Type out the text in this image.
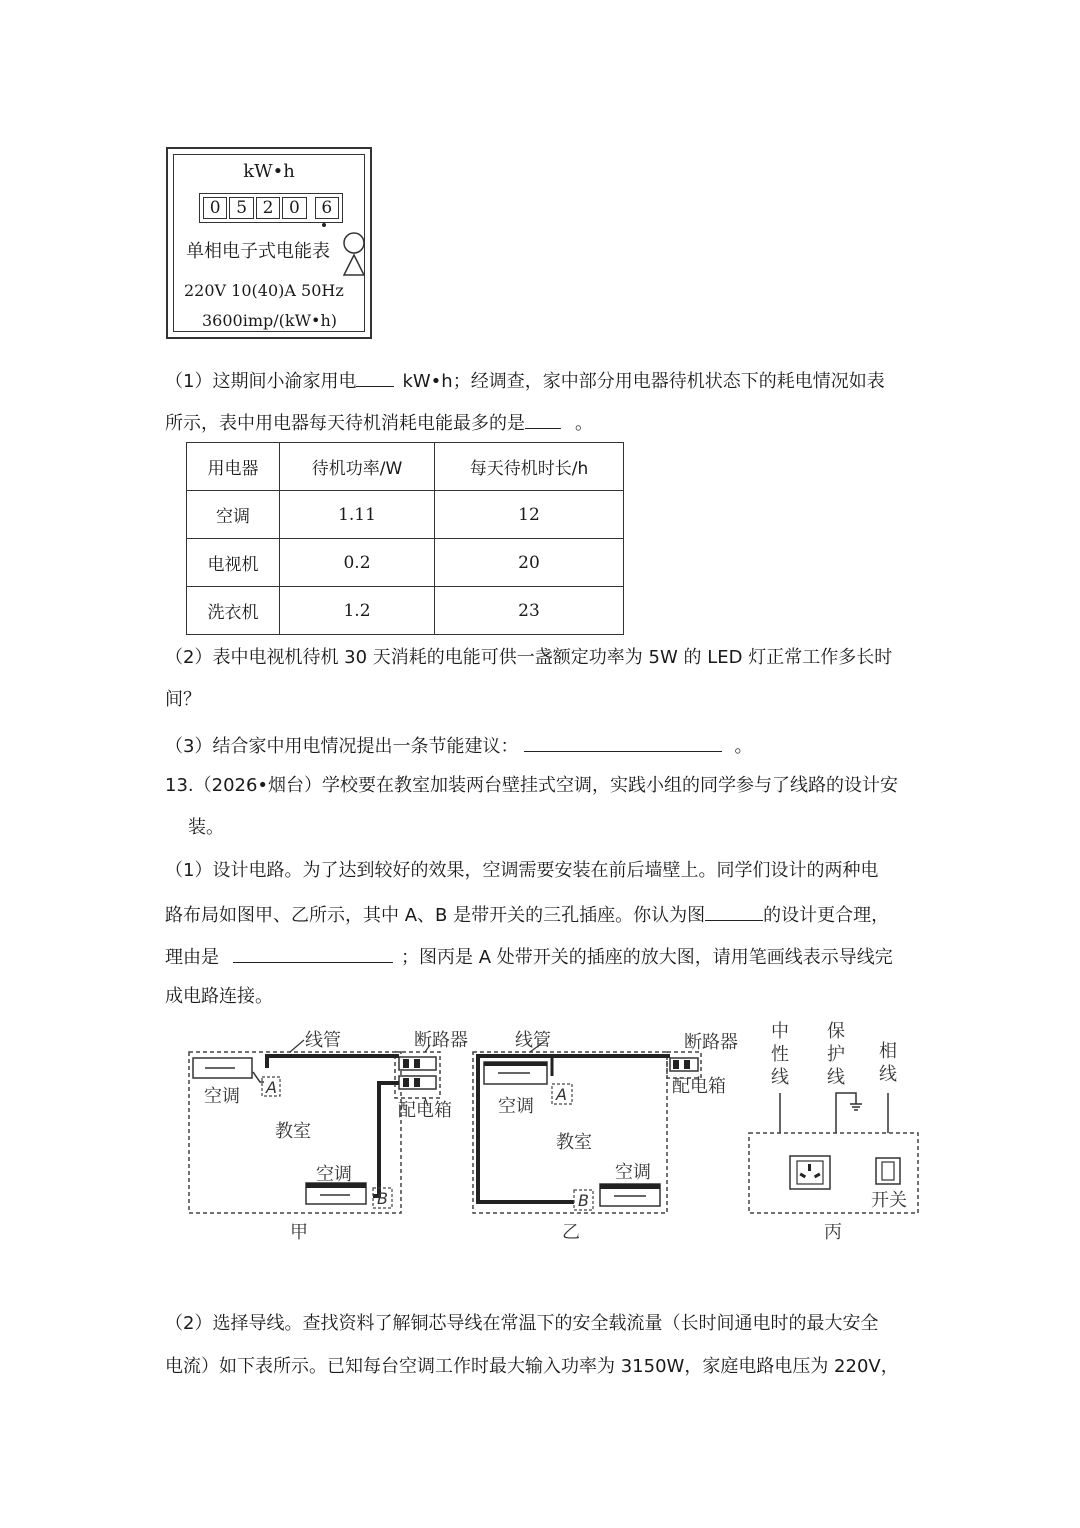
kW•h
0 5 2 0	6
单相电子式电能表
220V 10(40)A 50Hz
3600imp/(kW•h)
（1）这期间小渝家用电	kW•h；经调查，家中部分用电器待机状态下的耗电情况如表
所示，表中用电器每天待机消耗电能最多的是	。
用电器	待机功率/W	每天待机时长/h
空调	1.11	12
电视机	0.2	20
洗衣机	1.2	23
（2）表中电视机待机 30 天消耗的电能可供一盏额定功率为 5W 的 LED 灯正常工作多长时
间？
（3）结合家中用电情况提出一条节能建议：	。
13.（2026•烟台）学校要在教室加装两台壁挂式空调，实践小组的同学参与了线路的设计安
装。
（1）设计电路。为了达到较好的效果，空调需要安装在前后墙壁上。同学们设计的两种电
路布局如图甲、乙所示，其中 A、B 是带开关的三孔插座。你认为图	的设计更合理，
理由是	；图丙是 A 处带开关的插座的放大图，请用笔画线表示导线完
成电路连接。
线管	断路器
配电箱
空调 A
教室
空调
B
甲
线管	断路器
配电箱
空调
A
教室
空调
B
乙
中
性
线
保
护
线
相
线
开关
丙
（2）选择导线。查找资料了解铜芯导线在常温下的安全载流量（长时间通电时的最大安全
电流）如下表所示。已知每台空调工作时最大输入功率为 3150W，家庭电路电压为 220V，
